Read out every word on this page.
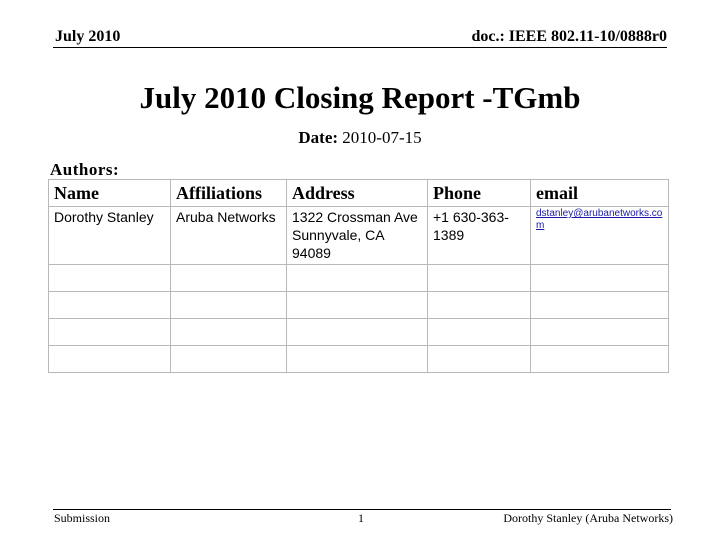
July 2010	doc.: IEEE 802.11-10/0888r0
July 2010 Closing Report -TGmb
Date: 2010-07-15
Authors:
Name	Affiliations	Address	Phone	email
Dorothy Stanley	Aruba Networks	1322 Crossman Ave Sunnyvale, CA 94089	+1 630-363-1389	dstanley@arubanetworks.com

Submission	1	Dorothy Stanley (Aruba Networks)
